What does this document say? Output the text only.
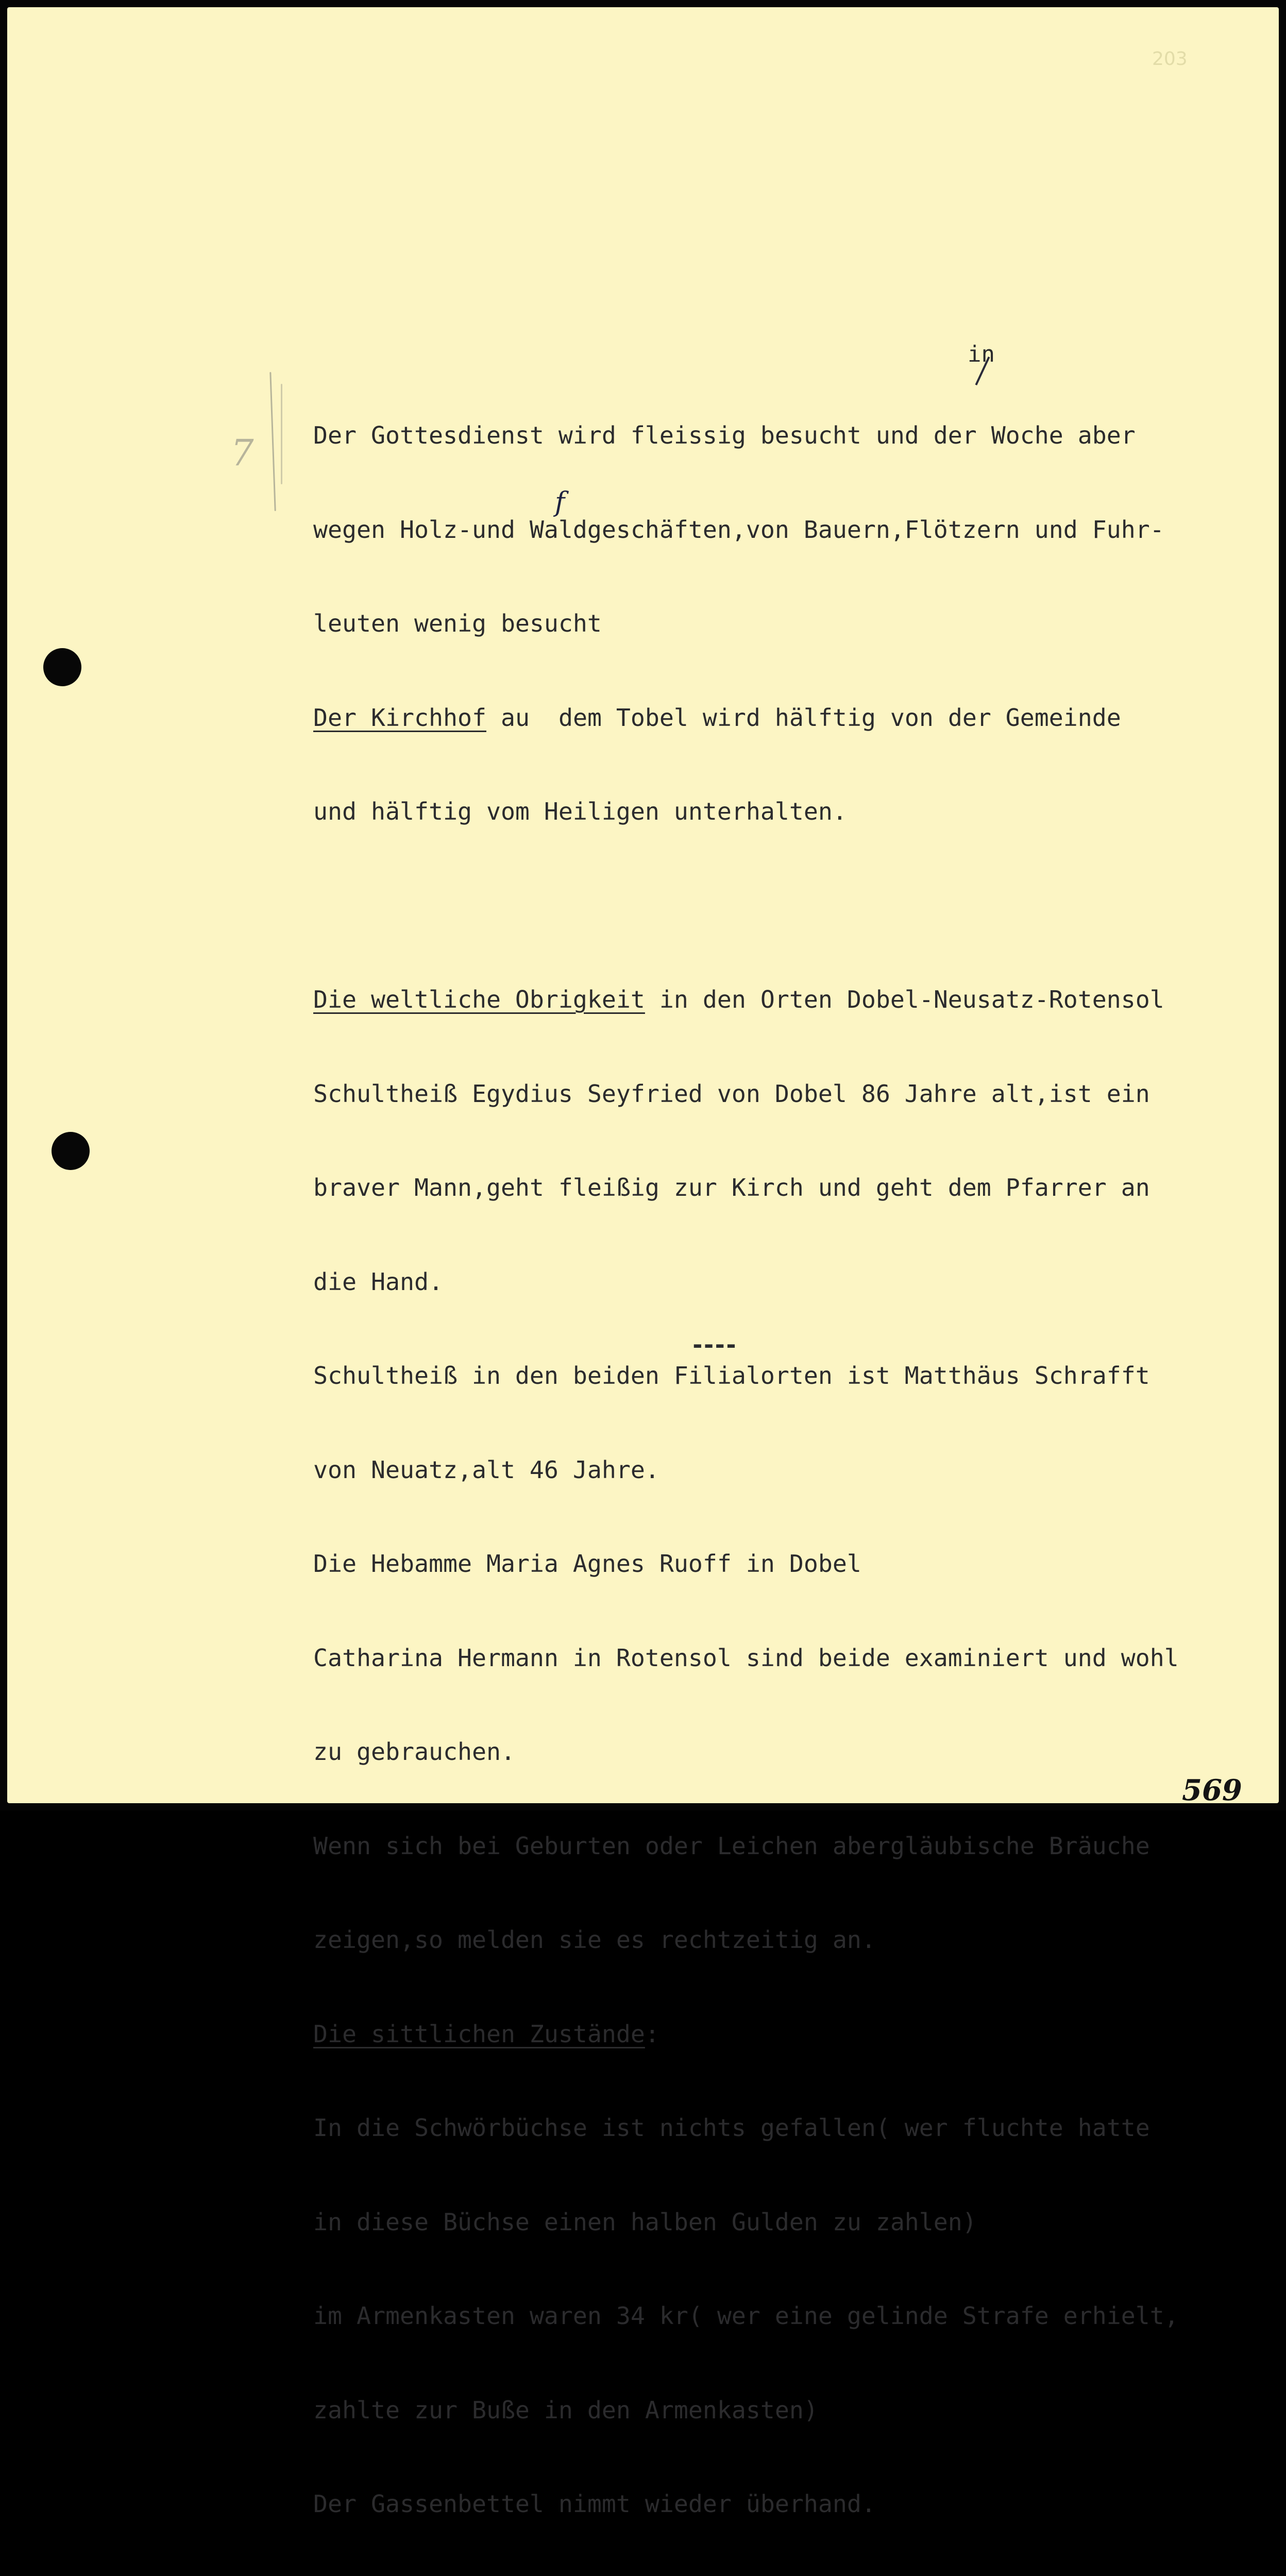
203
7
in

Der Gottesdienst wird fleissig besucht und der Woche aber

wegen Holz-und Waldgeschäften,von Bauern,Flötzern und Fuhr-

leuten wenig besucht

Der Kirchhof au  dem Tobel wird hälftig von der Gemeinde

und hälftig vom Heiligen unterhalten.

Die weltliche Obrigkeit in den Orten Dobel-Neusatz-Rotensol

Schultheiß Egydius Seyfried von Dobel 86 Jahre alt,ist ein

braver Mann,geht fleißig zur Kirch und geht dem Pfarrer an

die Hand.

Schultheiß in den beiden Filialorten ist Matthäus Schrafft

von Neuatz,alt 46 Jahre.

Die Hebamme Maria Agnes Ruoff in Dobel

Catharina Hermann in Rotensol sind beide examiniert und wohl

zu gebrauchen.

Wenn sich bei Geburten oder Leichen abergläubische Bräuche

zeigen,so melden sie es rechtzeitig an.

Die sittlichen Zustände:

In die Schwörbüchse ist nichts gefallen( wer fluchte hatte

in diese Büchse einen halben Gulden zu zahlen)

im Armenkasten waren 34 kr( wer eine gelinde Strafe erhielt,

zahlte zur Buße in den Armenkasten)

Der Gassenbettel nimmt wieder überhand.

f
----
569
